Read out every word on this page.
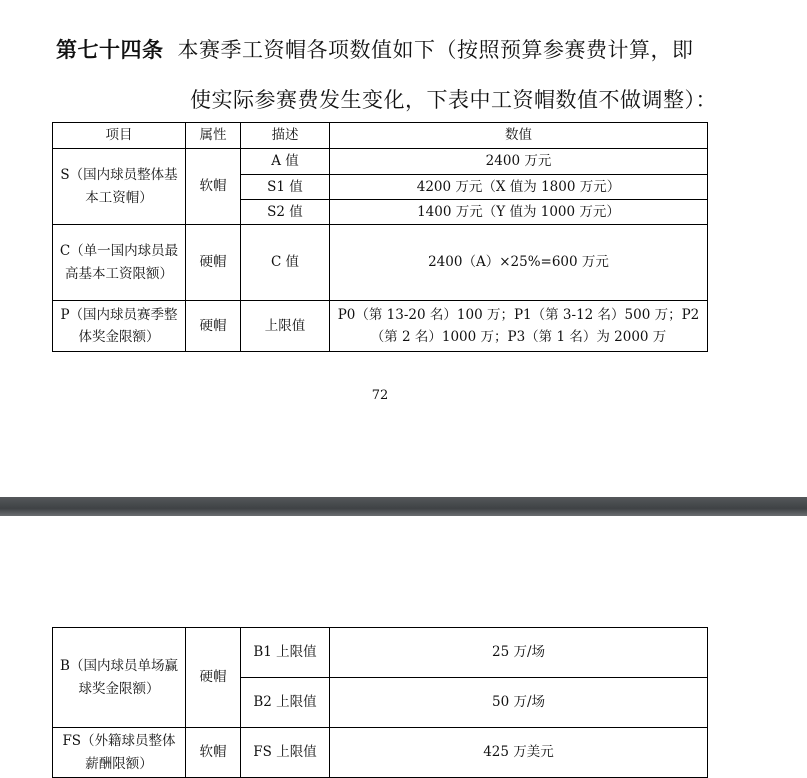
第七十四条 本赛季工资帽各项数值如下（按照预算参赛费计算，即
使实际参赛费发生变化，下表中工资帽数值不做调整）：
项目	属性	描述	数值
S（国内球员整体基本工资帽）	软帽	A 值	2400 万元
		S1 值	4200 万元（X 值为 1800 万元）
		S2 值	1400 万元（Y 值为 1000 万元）
C（单一国内球员最高基本工资限额）	硬帽	C 值	2400（A）×25%=600 万元
P（国内球员赛季整体奖金限额）	硬帽	上限值	P0（第 13-20 名）100 万；P1（第 3-12 名）500 万；P2（第 2 名）1000 万；P3（第 1 名）为 2000 万
72
B（国内球员单场赢球奖金限额）	硬帽	B1 上限值	25 万/场
		B2 上限值	50 万/场
FS（外籍球员整体薪酬限额）	软帽	FS 上限值	425 万美元
